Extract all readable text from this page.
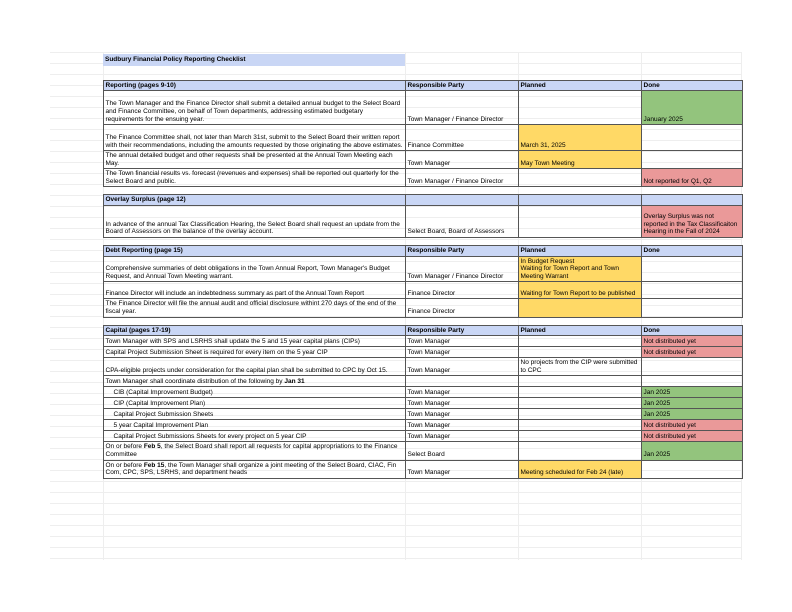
	Sudbury Financial Policy Reporting Checklist			

	Reporting (pages 9-10)	Responsible Party	Planned	Done
	The Town Manager and the Finance Director shall submit a detailed annual budget to the Select Board and Finance Committee, on behalf of Town departments, addressing estimated budgetary requirements for the ensuing year.	Town Manager / Finance Director		January 2025
	The Finance Committee shall, not later than March 31st, submit to the Select Board their written report with their recommendations, including the amounts requested by those originating the above estimates.	Finance Committee	March 31, 2025	
	The annual detailed budget and other requests shall be presented at the Annual Town Meeting each May.	Town Manager	May Town Meeting	
	The Town financial results vs. forecast (revenues and expenses) shall be reported out quarterly for the Select Board and public.	Town Manager / Finance Director		Not reported for Q1, Q2

	Overlay Surplus (page 12)			
	In advance of the annual Tax Classification Hearing, the Select Board shall request an update from the Board of Assessors on the balance of the overlay account.	Select Board, Board of Assessors		Overlay Surplus was not reported in the Tax Classificaiton Hearing in the Fall of 2024

	Debt Reporting (page 15)	Responsible Party	Planned	Done
	Comprehensive summaries of debt obligations in the Town Annual Report, Town Manager's Budget Request, and Annual Town Meeting warrant.	Town Manager / Finance Director	In Budget Request
Waiting for Town Report and Town Meeting Warrant	

	Finance Director will include an indebtedness summary as part of the Annual Town Report	Finance Director	Waiting for Town Report to be published	
	The Finance Director will file the annual audit and official disclosure withint 270 days of the end of the fiscal year.	Finance Director		

	Capital (pages 17-19)	Responsible Party	Planned	Done
	Town Manager with SPS and LSRHS shall update the 5 and 15 year capital plans (CIPs)	Town Manager		Not distributed yet
	Capital Project Submission Sheet is required for every item on the 5 year CIP	Town Manager		Not distributed yet
	CPA-eligible projects under consideration for the capital plan shall be submitted to CPC by Oct 15.	Town Manager	No projects from the CIP were submitted to CPC	
	Town Manager shall coordinate distribution of the following by Jan 31			
	CIB (Capital Improvement Budget)	Town Manager		Jan 2025
	CIP (Capital Improvement Plan)	Town Manager		Jan 2025
	Capital Project Submission Sheets	Town Manager		Jan 2025
	5 year Capital Improvement Plan	Town Manager		Not distributed yet
	Capital Project Submissions Sheets for every project on 5 year CIP	Town Manager		Not distributed yet
	On or before Feb 5, the Select Board shall report all requests for capital appropriations to the Finance Committee	Select Board		Jan 2025
	On or before Feb 15, the Town Manager shall organize a joint meeting of the Select Board, CIAC, Fin Com, CPC, SPS, LSRHS, and department heads	Town Manager	Meeting scheduled for Feb 24 (late)	
